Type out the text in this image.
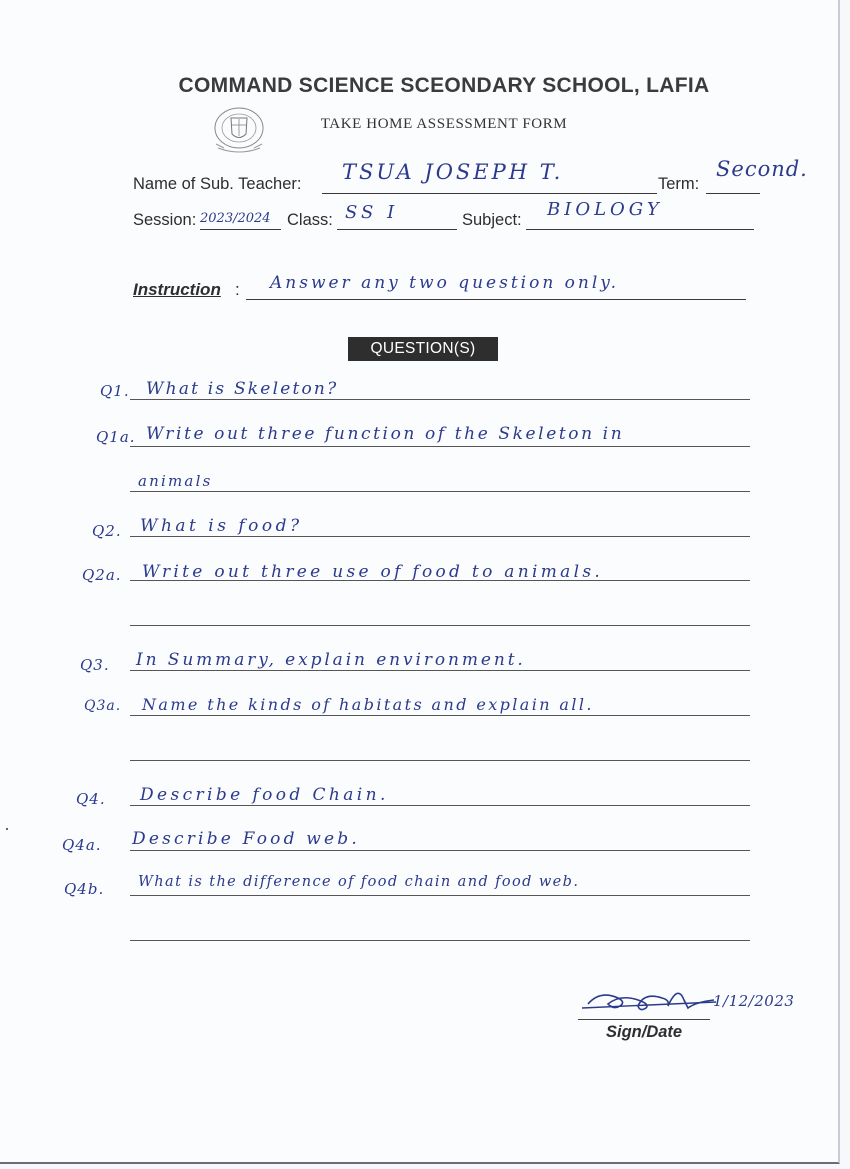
COMMAND SCIENCE SCEONDARY SCHOOL, LAFIA
TAKE HOME ASSESSMENT FORM
Name of Sub. Teacher: TSUA JOSEPH T.	Term:
Second.
Session: 2023/2024 Class: SS I	Subject: BIOLOGY
Instruction : Answer any two question only.
QUESTION(S)
Q1. What is Skeleton?
Q1a. Write out three function of the Skeleton in
animals
Q2. What is food?
Q2a. Write out three use of food to animals.
Q3. In Summary, explain environment.
Q3a. Name the kinds of habitats and explain all.
Q4. Describe food Chain.
Q4a. Describe Food web.
Q4b. What is the difference of food chain and food web.
1/12/2023
Sign/Date
